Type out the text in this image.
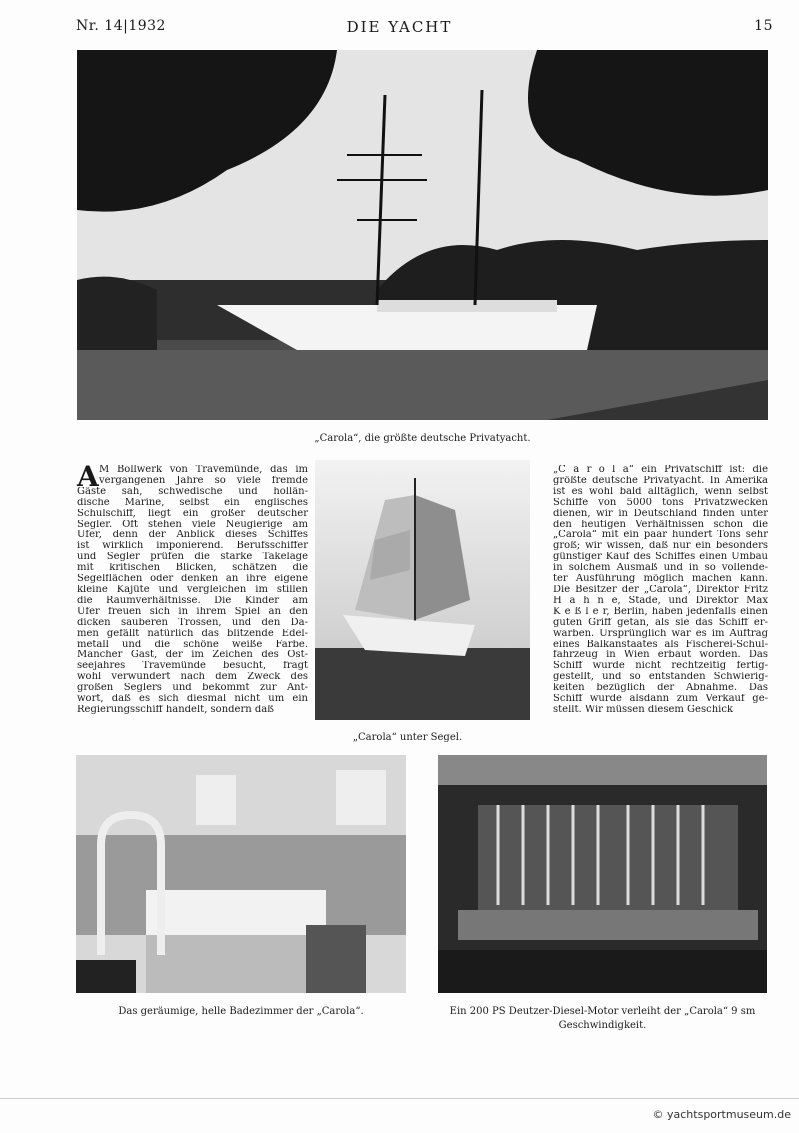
Nr. 14|1932	DIE YACHT	15
„Carola“, die größte deutsche Privatyacht.
A M Bollwerk von Travemünde, das im
vergangenen Jahre so viele fremde
Gäste sah, schwedische und hollän-
dische Marine, selbst ein englisches
Schulschiff, liegt ein großer deutscher
Segler. Oft stehen viele Neugierige am
Ufer, denn der Anblick dieses Schiffes
ist wirklich imponierend. Berufsschiffer
und Segler prüfen die starke Takelage
mit kritischen Blicken, schätzen die
Segelflächen oder denken an ihre eigene
kleine Kajüte und vergleichen im stillen
die Raumverhältnisse. Die Kinder am
Ufer freuen sich in ihrem Spiel an den
dicken sauberen Trossen, und den Da-
men gefällt natürlich das blitzende Edel-
metall und die schöne weiße Farbe.
Mancher Gast, der im Zeichen des Ost-
seejahres Travemünde besucht, fragt
wohl verwundert nach dem Zweck des
großen Seglers und bekommt zur Ant-
wort, daß es sich diesmal nicht um ein
Regierungsschiff handelt, sondern daß
„C a r o l a“ ein Privatschiff ist: die
größte deutsche Privatyacht. In Amerika
ist es wohl bald alltäglich, wenn selbst
Schiffe von 5000 tons Privatzwecken
dienen, wir in Deutschland finden unter
den heutigen Verhältnissen schon die
„Carola“ mit ein paar hundert Tons sehr
groß; wir wissen, daß nur ein besonders
günstiger Kauf des Schiffes einen Umbau
in solchem Ausmaß und in so vollende-
ter Ausführung möglich machen kann.
Die Besitzer der „Carola“, Direktor Fritz
H a h n e, Stade, und Direktor Max
K e ß l e r, Berlin, haben jedenfalls einen
guten Griff getan, als sie das Schiff er-
warben. Ursprünglich war es im Auftrag
eines Balkanstaates als Fischerei-Schul-
fahrzeug in Wien erbaut worden. Das
Schiff wurde nicht rechtzeitig fertig-
gestellt, und so entstanden Schwierig-
keiten bezüglich der Abnahme. Das
Schiff wurde alsdann zum Verkauf ge-
stellt. Wir müssen diesem Geschick
„Carola“ unter Segel.
Das geräumige, helle Badezimmer der „Carola“.	Ein 200 PS Deutzer-Diesel-Motor verleiht der „Carola“ 9 sm
Geschwindigkeit.
© yachtsportmuseum.de
